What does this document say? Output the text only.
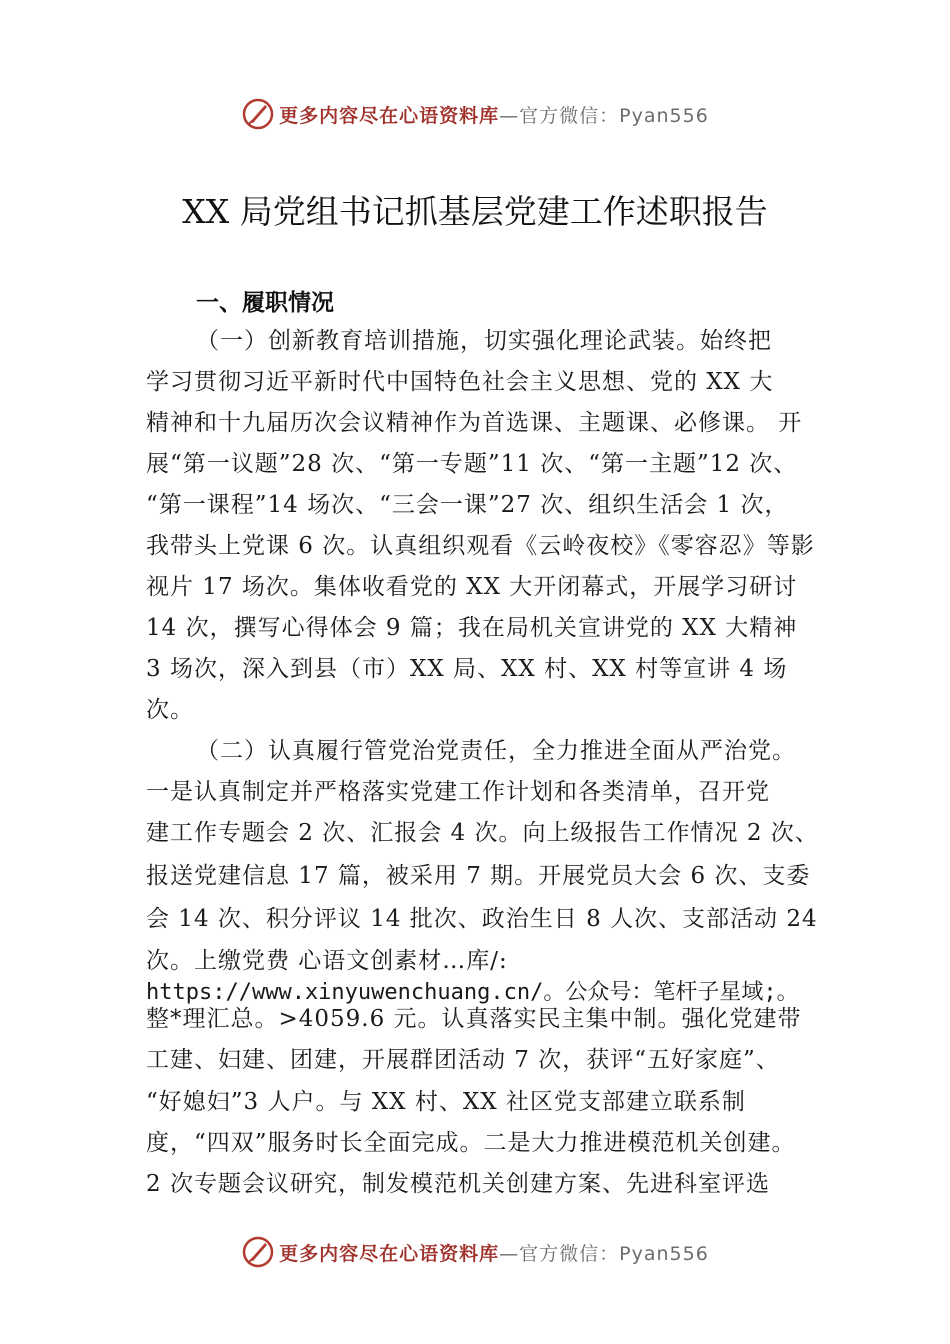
更多内容尽在心语资料库 —官方微信：Pyan556
XX 局党组书记抓基层党建工作述职报告
一、履职情况
（一）创新教育培训措施，切实强化理论武装。始终把
学习贯彻习近平新时代中国特色社会主义思想、党的 XX 大
精神和十九届历次会议精神作为首选课、主题课、必修课。 开
展“第一议题”28 次、“第一专题”11 次、“第一主题”12 次、
“第一课程”14 场次、“三会一课”27 次、组织生活会 1 次，
我带头上党课 6 次。认真组织观看《云岭夜校》《零容忍》等影
视片 17 场次。集体收看党的 XX 大开闭幕式，开展学习研讨
14 次，撰写心得体会 9 篇；我在局机关宣讲党的 XX 大精神
3 场次，深入到县（市）XX 局、XX 村、XX 村等宣讲 4 场
次。
（二）认真履行管党治党责任，全力推进全面从严治党。
一是认真制定并严格落实党建工作计划和各类清单，召开党
建工作专题会 2 次、汇报会 4 次。向上级报告工作情况 2 次、
报送党建信息 17 篇，被采用 7 期。开展党员大会 6 次、支委
会 14 次、积分评议 14 批次、政治生日 8 人次、支部活动 24
次。上缴党费 心语文创素材…库/:
https://www.xinyuwenchuang.cn/。公众号：笔杆子星域;。
整*理汇总。>4059.6 元。认真落实民主集中制。强化党建带
工建、妇建、团建，开展群团活动 7 次，获评“五好家庭”、
“好媳妇”3 人户。与 XX 村、XX 社区党支部建立联系制
度，“四双”服务时长全面完成。二是大力推进模范机关创建。
2 次专题会议研究，制发模范机关创建方案、先进科室评选
更多内容尽在心语资料库 —官方微信：Pyan556
